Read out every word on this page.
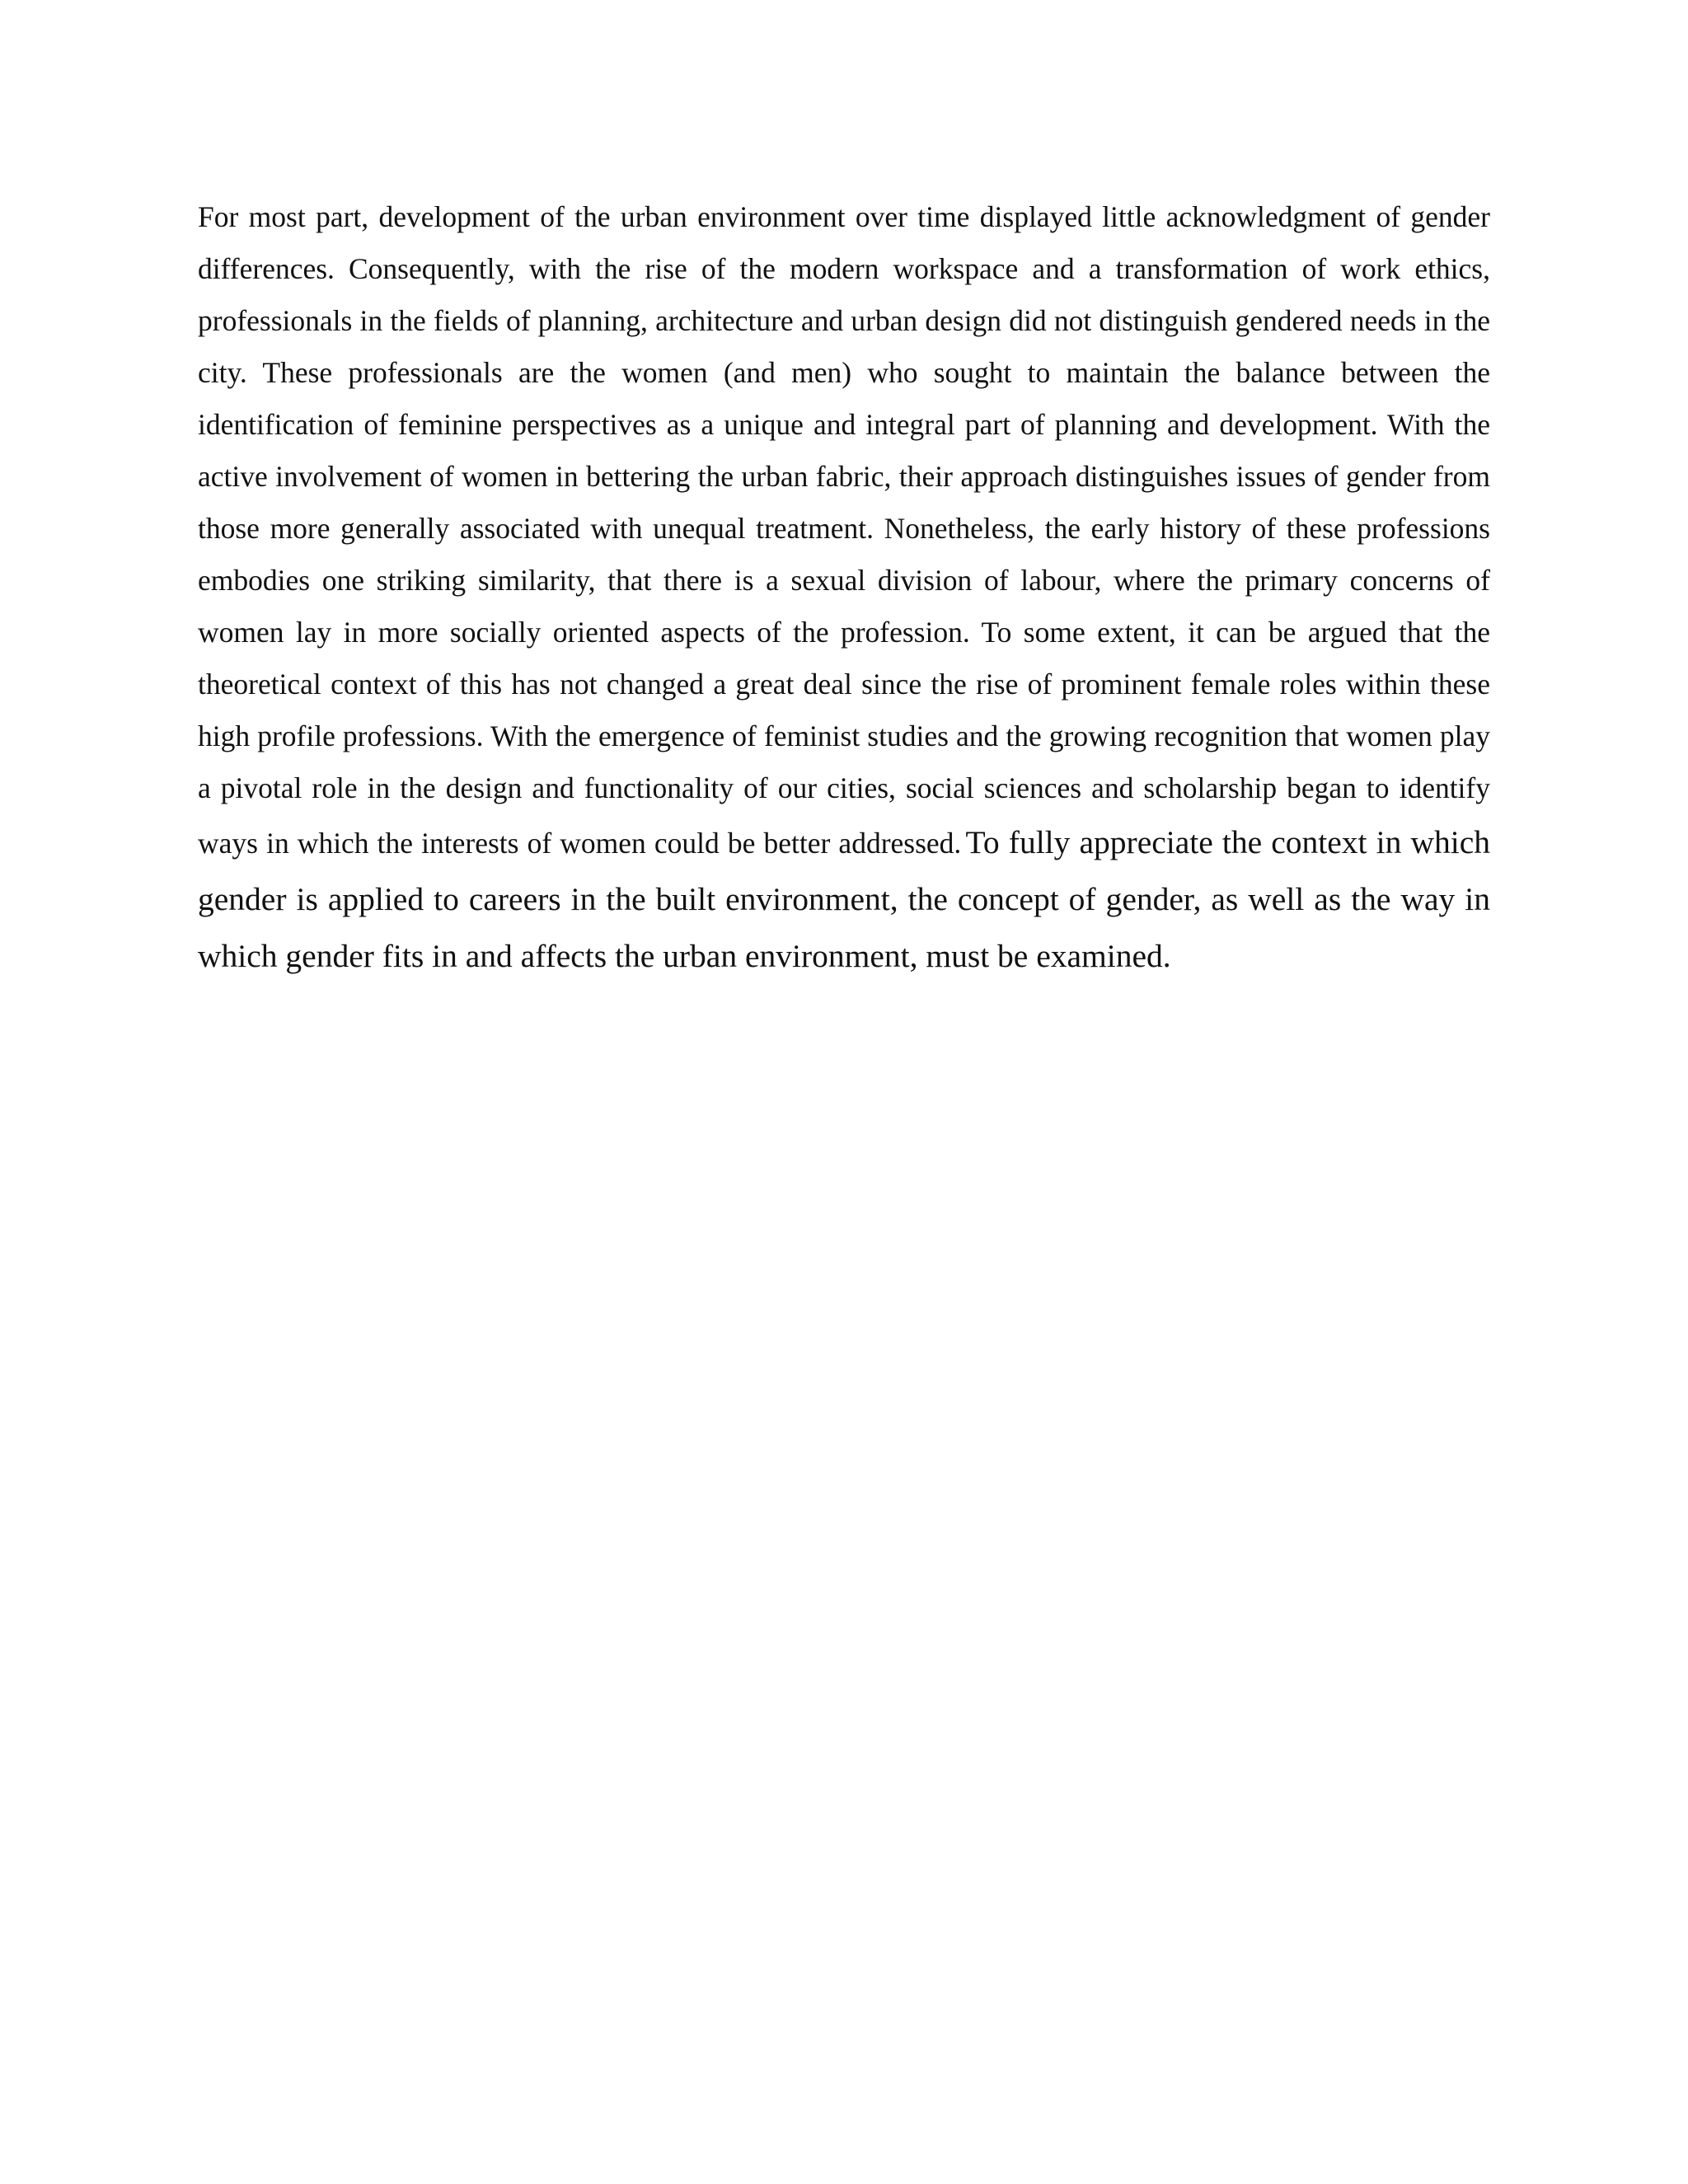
For most part, development of the urban environment over time displayed little acknowledgment of gender differences. Consequently, with the rise of the modern workspace and a transformation of work ethics, professionals in the fields of planning, architecture and urban design did not distinguish gendered needs in the city. These professionals are the women (and men) who sought to maintain the balance between the identification of feminine perspectives as a unique and integral part of planning and development. With the active involvement of women in bettering the urban fabric, their approach distinguishes issues of gender from those more generally associated with unequal treatment. Nonetheless, the early history of these professions embodies one striking similarity, that there is a sexual division of labour, where the primary concerns of women lay in more socially oriented aspects of the profession. To some extent, it can be argued that the theoretical context of this has not changed a great deal since the rise of prominent female roles within these high profile professions. With the emergence of feminist studies and the growing recognition that women play a pivotal role in the design and functionality of our cities, social sciences and scholarship began to identify ways in which the interests of women could be better addressed. To fully appreciate the context in which gender is applied to careers in the built environment, the concept of gender, as well as the way in which gender fits in and affects the urban environment, must be examined.
